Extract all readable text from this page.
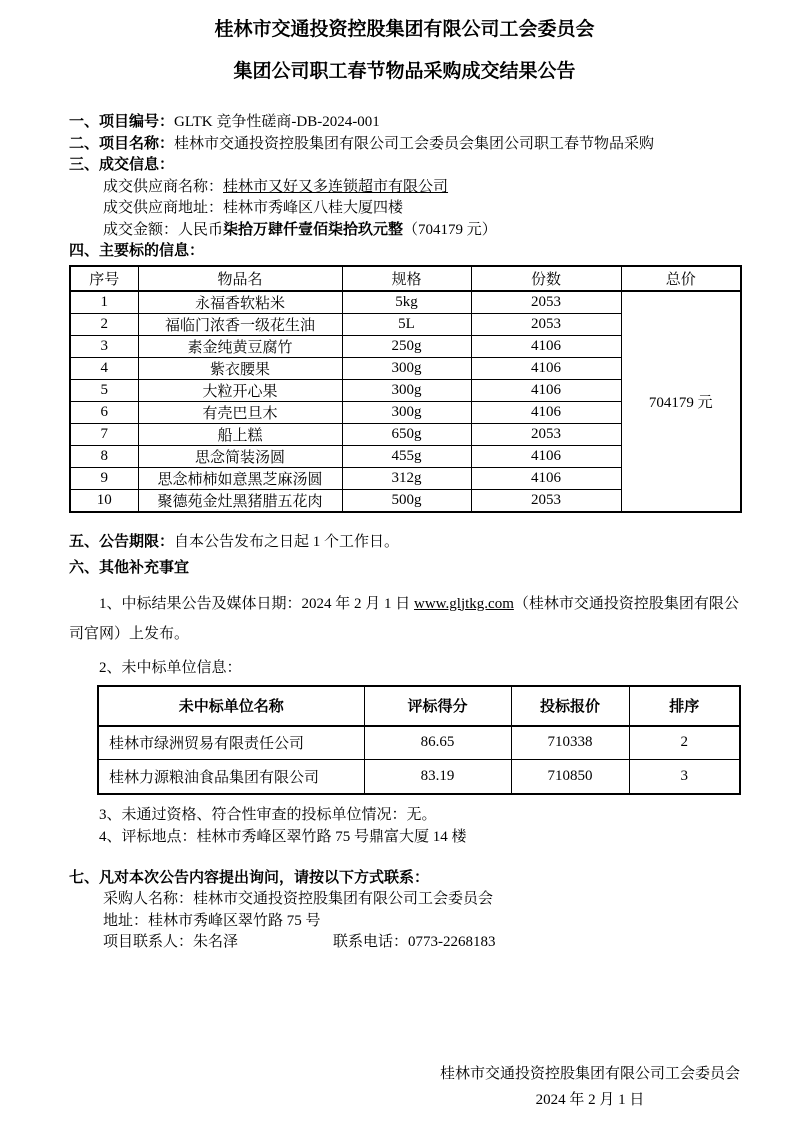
桂林市交通投资控股集团有限公司工会委员会
集团公司职工春节物品采购成交结果公告
一、项目编号：GLTK 竞争性磋商-DB-2024-001
二、项目名称：桂林市交通投资控股集团有限公司工会委员会集团公司职工春节物品采购
三、成交信息：
成交供应商名称：桂林市又好又多连锁超市有限公司
成交供应商地址：桂林市秀峰区八桂大厦四楼
成交金额：人民币柒拾万肆仟壹佰柒拾玖元整（704179 元）
四、主要标的信息：
序号	物品名	规格	份数	总价
1	永福香软粘米	5kg	2053	704179 元
2	福临门浓香一级花生油	5L	2053	
3	素金纯黄豆腐竹	250g	4106	
4	紫衣腰果	300g	4106	
5	大粒开心果	300g	4106	
6	有壳巴旦木	300g	4106	
7	船上糕	650g	2053	
8	思念简装汤圆	455g	4106	
9	思念柿柿如意黑芝麻汤圆	312g	4106	
10	聚德苑金灶黑猪腊五花肉	500g	2053	
五、公告期限：自本公告发布之日起 1 个工作日。
六、其他补充事宜
1、中标结果公告及媒体日期：2024 年 2 月 1 日 www.gljtkg.com（桂林市交通投资控股集团有限公司官网）上发布。
2、未中标单位信息：
未中标单位名称	评标得分	投标报价	排序
桂林市绿洲贸易有限责任公司	86.65	710338	2
桂林力源粮油食品集团有限公司	83.19	710850	3
3、未通过资格、符合性审查的投标单位情况：无。
4、评标地点：桂林市秀峰区翠竹路 75 号鼎富大厦 14 楼
七、凡对本次公告内容提出询问，请按以下方式联系：
采购人名称：桂林市交通投资控股集团有限公司工会委员会
地址：桂林市秀峰区翠竹路 75 号
项目联系人：朱名泽	联系电话：0773-2268183
桂林市交通投资控股集团有限公司工会委员会
2024 年 2 月 1 日
